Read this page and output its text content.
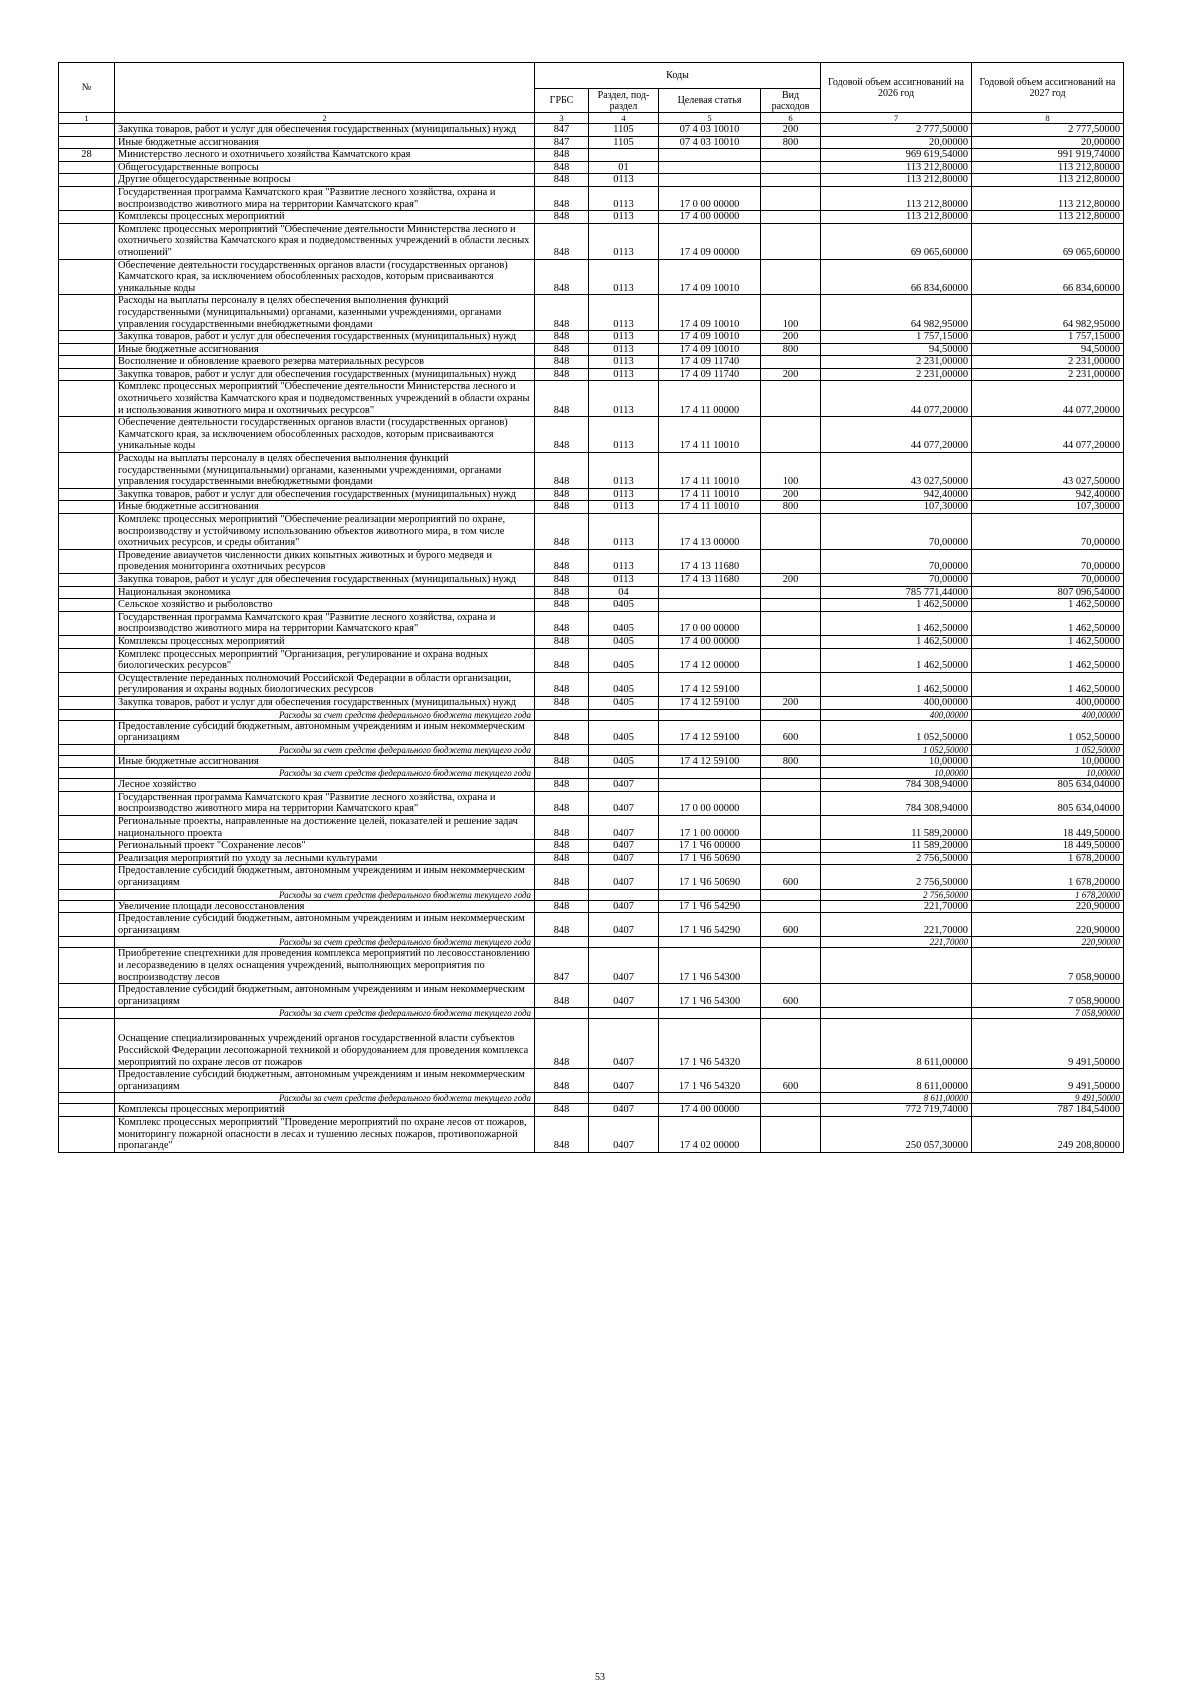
№		Коды				Годовой объем ассигнований на 2026 год	Годовой объем ассигнований на 2027 год
		ГРБС	Раздел, под-раздел	Целевая статья	Вид расходов		
1	2	3	4	5	6	7	8
	Закупка товаров, работ и услуг для обеспечения государственных (муниципальных) нужд	847	1105	07 4 03 10010	200	2 777,50000	2 777,50000
	Иные бюджетные ассигнования	847	1105	07 4 03 10010	800	20,00000	20,00000
28	Министерство лесного и охотничьего хозяйства Камчатского края	848				969 619,54000	991 919,74000
	Общегосударственные вопросы	848	01			113 212,80000	113 212,80000
	Другие общегосударственные вопросы	848	0113			113 212,80000	113 212,80000
	Государственная программа Камчатского края "Развитие лесного хозяйства, охрана и воспроизводство животного мира на территории Камчатского края"	848	0113	17 0 00 00000		113 212,80000	113 212,80000
	Комплексы процессных мероприятий	848	0113	17 4 00 00000		113 212,80000	113 212,80000
	Комплекс процессных мероприятий "Обеспечение деятельности Министерства лесного и охотничьего хозяйства Камчатского края и подведомственных учреждений в области лесных отношений"	848	0113	17 4 09 00000		69 065,60000	69 065,60000
	Обеспечение деятельности государственных органов власти (государственных органов) Камчатского края, за исключением обособленных расходов, которым присваиваются уникальные коды	848	0113	17 4 09 10010		66 834,60000	66 834,60000
	Расходы на выплаты персоналу в целях обеспечения выполнения функций государственными (муниципальными) органами, казенными учреждениями, органами управления государственными внебюджетными фондами	848	0113	17 4 09 10010	100	64 982,95000	64 982,95000
	Закупка товаров, работ и услуг для обеспечения государственных (муниципальных) нужд	848	0113	17 4 09 10010	200	1 757,15000	1 757,15000
	Иные бюджетные ассигнования	848	0113	17 4 09 10010	800	94,50000	94,50000
	Восполнение и обновление краевого резерва материальных ресурсов	848	0113	17 4 09 11740		2 231,00000	2 231,00000
	Закупка товаров, работ и услуг для обеспечения государственных (муниципальных) нужд	848	0113	17 4 09 11740	200	2 231,00000	2 231,00000
	Комплекс процессных мероприятий "Обеспечение деятельности Министерства лесного и охотничьего хозяйства Камчатского края и подведомственных учреждений в области охраны и использования животного мира и охотничьих ресурсов"	848	0113	17 4 11 00000		44 077,20000	44 077,20000
	Обеспечение деятельности государственных органов власти (государственных органов) Камчатского края, за исключением обособленных расходов, которым присваиваются уникальные коды	848	0113	17 4 11 10010		44 077,20000	44 077,20000
	Расходы на выплаты персоналу в целях обеспечения выполнения функций государственными (муниципальными) органами, казенными учреждениями, органами управления государственными внебюджетными фондами	848	0113	17 4 11 10010	100	43 027,50000	43 027,50000
	Закупка товаров, работ и услуг для обеспечения государственных (муниципальных) нужд	848	0113	17 4 11 10010	200	942,40000	942,40000
	Иные бюджетные ассигнования	848	0113	17 4 11 10010	800	107,30000	107,30000
	Комплекс процессных мероприятий "Обеспечение реализации мероприятий по охране, воспроизводству и устойчивому использованию объектов животного мира, в том числе охотничьих ресурсов, и среды обитания"	848	0113	17 4 13 00000		70,00000	70,00000
	Проведение авиаучетов численности диких копытных животных и бурого медведя и проведения мониторинга охотничьих ресурсов	848	0113	17 4 13 11680		70,00000	70,00000
	Закупка товаров, работ и услуг для обеспечения государственных (муниципальных) нужд	848	0113	17 4 13 11680	200	70,00000	70,00000
	Национальная экономика	848	04			785 771,44000	807 096,54000
	Сельское хозяйство и рыболовство	848	0405			1 462,50000	1 462,50000
	Государственная программа Камчатского края "Развитие лесного хозяйства, охрана и воспроизводство животного мира на территории Камчатского края"	848	0405	17 0 00 00000		1 462,50000	1 462,50000
	Комплексы процессных мероприятий	848	0405	17 4 00 00000		1 462,50000	1 462,50000
	Комплекс процессных мероприятий "Организация, регулирование и охрана водных биологических ресурсов"	848	0405	17 4 12 00000		1 462,50000	1 462,50000
	Осуществление переданных полномочий Российской Федерации в области организации, регулирования и охраны водных биологических ресурсов	848	0405	17 4 12 59100		1 462,50000	1 462,50000
	Закупка товаров, работ и услуг для обеспечения государственных (муниципальных) нужд	848	0405	17 4 12 59100	200	400,00000	400,00000
	Расходы за счет средств федерального бюджета текущего года					400,00000	400,00000
	Предоставление субсидий бюджетным, автономным учреждениям и иным некоммерческим организациям	848	0405	17 4 12 59100	600	1 052,50000	1 052,50000
	Расходы за счет средств федерального бюджета текущего года					1 052,50000	1 052,50000
	Иные бюджетные ассигнования	848	0405	17 4 12 59100	800	10,00000	10,00000
	Расходы за счет средств федерального бюджета текущего года					10,00000	10,00000
	Лесное хозяйство	848	0407			784 308,94000	805 634,04000
	Государственная программа Камчатского края "Развитие лесного хозяйства, охрана и воспроизводство животного мира на территории Камчатского края"	848	0407	17 0 00 00000		784 308,94000	805 634,04000
	Региональные проекты, направленные на достижение целей, показателей и решение задач национального проекта	848	0407	17 1 00 00000		11 589,20000	18 449,50000
	Региональный проект "Сохранение лесов"	848	0407	17 1 Ч6 00000		11 589,20000	18 449,50000
	Реализация мероприятий по уходу за лесными культурами	848	0407	17 1 Ч6 50690		2 756,50000	1 678,20000
	Предоставление субсидий бюджетным, автономным учреждениям и иным некоммерческим организациям	848	0407	17 1 Ч6 50690	600	2 756,50000	1 678,20000
	Расходы за счет средств федерального бюджета текущего года					2 756,50000	1 678,20000
	Увеличение площади лесовосстановления	848	0407	17 1 Ч6 54290		221,70000	220,90000
	Предоставление субсидий бюджетным, автономным учреждениям и иным некоммерческим организациям	848	0407	17 1 Ч6 54290	600	221,70000	220,90000
	Расходы за счет средств федерального бюджета текущего года					221,70000	220,90000
	Приобретение спецтехники для проведения комплекса мероприятий по лесовосстановлению и лесоразведению в целях оснащения учреждений, выполняющих мероприятия по воспроизводству лесов	847	0407	17 1 Ч6 54300			7 058,90000
	Предоставление субсидий бюджетным, автономным учреждениям и иным некоммерческим организациям	848	0407	17 1 Ч6 54300	600		7 058,90000
	Расходы за счет средств федерального бюджета текущего года						7 058,90000
	Оснащение специализированных учреждений органов государственной власти субъектов Российской Федерации лесопожарной техникой и оборудованием для проведения комплекса мероприятий по охране лесов от пожаров	848	0407	17 1 Ч6 54320		8 611,00000	9 491,50000
	Предоставление субсидий бюджетным, автономным учреждениям и иным некоммерческим организациям	848	0407	17 1 Ч6 54320	600	8 611,00000	9 491,50000
	Расходы за счет средств федерального бюджета текущего года					8 611,00000	9 491,50000
	Комплексы процессных мероприятий	848	0407	17 4 00 00000		772 719,74000	787 184,54000
	Комплекс процессных мероприятий "Проведение мероприятий по охране лесов от пожаров, мониторингу пожарной опасности в лесах и тушению лесных пожаров, противопожарной пропаганде"	848	0407	17 4 02 00000		250 057,30000	249 208,80000
53
